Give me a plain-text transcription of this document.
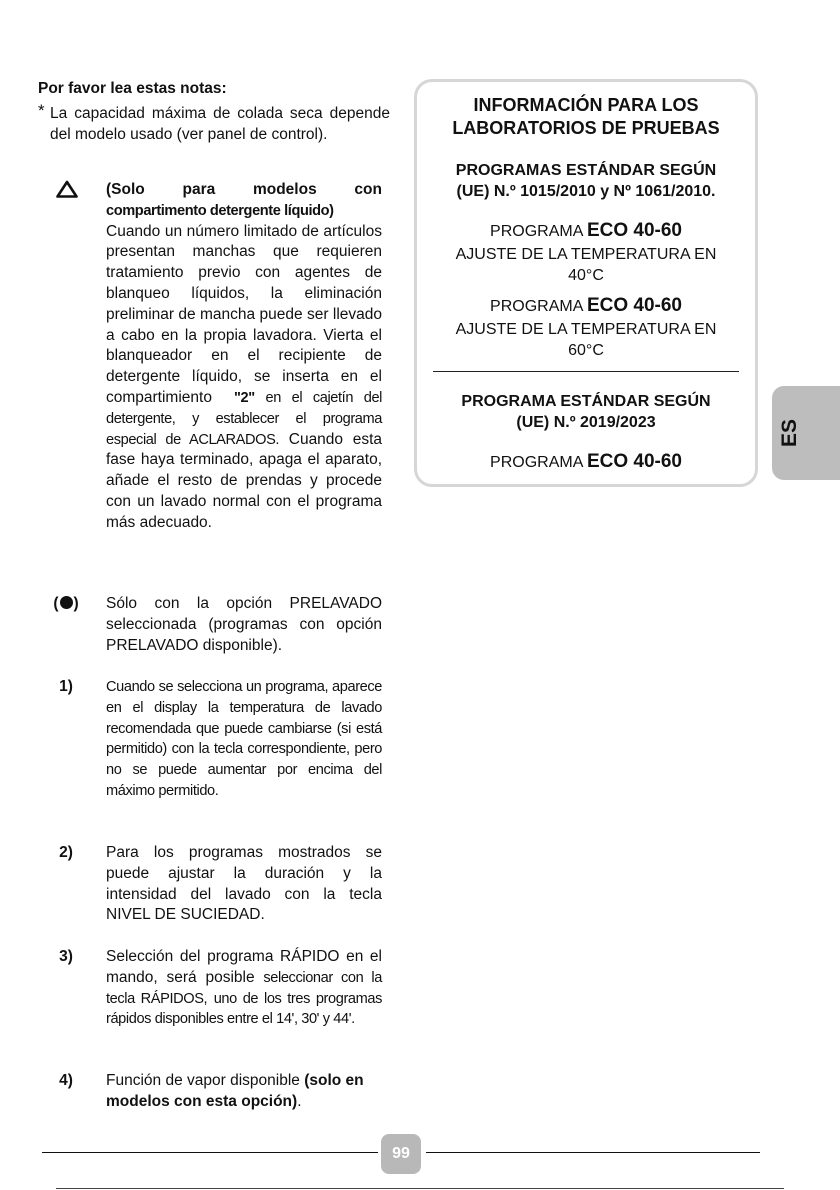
Por favor lea estas notas:
* La capacidad máxima de colada seca depende del modelo usado (ver panel de control).
(Solo para modelos con
compartimento detergente líquido)
Cuando un número limitado de artículos presentan manchas que requieren tratamiento previo con agentes de blanqueo líquidos, la eliminación preliminar de mancha puede ser llevado a cabo en la propia lavadora. Vierta el blanqueador en el recipiente de detergente líquido, se inserta en el compartimiento "2" en el cajetín del detergente, y establecer el programa especial de ACLARADOS. Cuando esta fase haya terminado, apaga el aparato, añade el resto de prendas y procede con un lavado normal con el programa más adecuado.
( )	Sólo con la opción PRELAVADO seleccionada (programas con opción PRELAVADO disponible).
1)	Cuando se selecciona un programa, aparece en el display la temperatura de lavado recomendada que puede cambiarse (si está permitido) con la tecla correspondiente, pero no se puede aumentar por encima del máximo permitido.
2)	Para los programas mostrados se puede ajustar la duración y la intensidad del lavado con la tecla NIVEL DE SUCIEDAD.
3)	Selección del programa RÁPIDO en el mando, será posible seleccionar con la tecla RÁPIDOS, uno de los tres programas rápidos disponibles entre el 14', 30' y 44'.
4)	Función de vapor disponible (solo en modelos con esta opción).
INFORMACIÓN PARA LOS
LABORATORIOS DE PRUEBAS
PROGRAMAS ESTÁNDAR SEGÚN
(UE) N.º 1015/2010 y Nº 1061/2010.
PROGRAMA ECO 40-60
AJUSTE DE LA TEMPERATURA EN
40°C
PROGRAMA ECO 40-60
AJUSTE DE LA TEMPERATURA EN
60°C
PROGRAMA ESTÁNDAR SEGÚN
(UE) N.º 2019/2023
PROGRAMA ECO 40-60
ES
99
